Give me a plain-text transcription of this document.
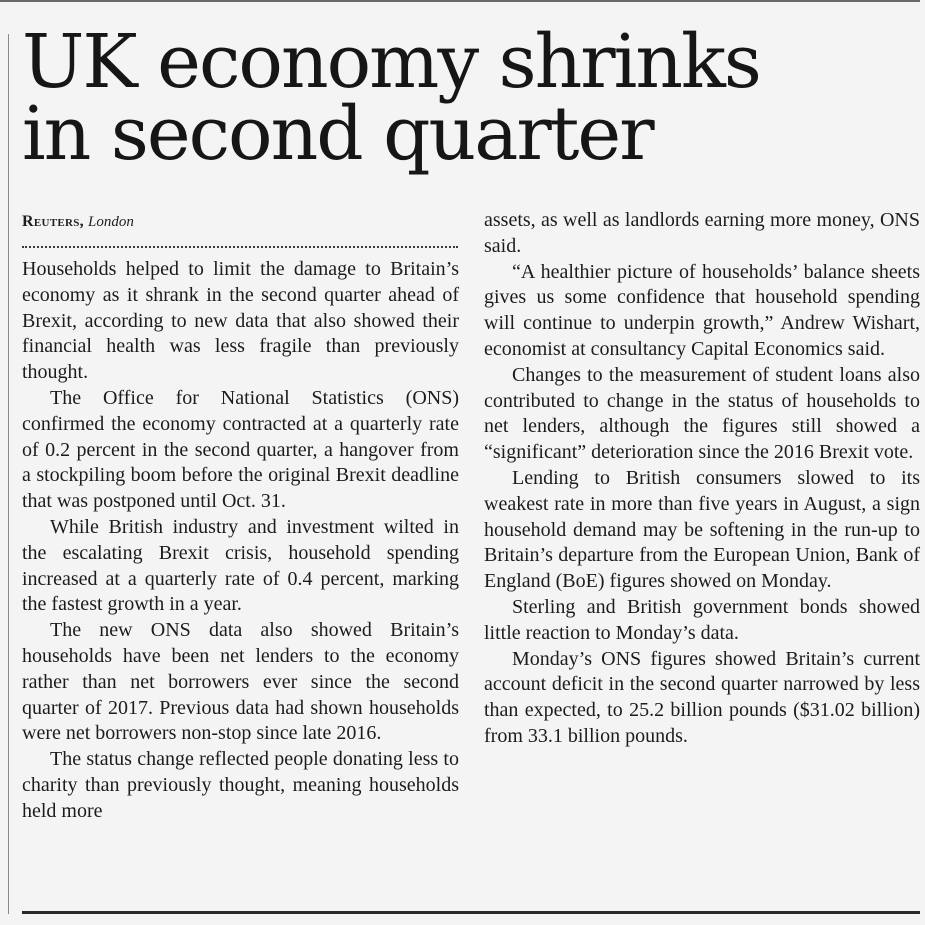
UK economy shrinks
in second quarter
Reuters, London

Households helped to limit the damage to Britain’s economy as it shrank in the second quarter ahead of Brexit, according to new data that also showed their financial health was less fragile than previously thought.

The Office for National Statistics (ONS) confirmed the economy contracted at a quarterly rate of 0.2 percent in the second quarter, a hangover from a stockpiling boom before the original Brexit deadline that was postponed until Oct. 31.

While British industry and investment wilted in the escalating Brexit crisis, household spending increased at a quarterly rate of 0.4 percent, marking the fastest growth in a year.

The new ONS data also showed Britain’s households have been net lenders to the economy rather than net borrowers ever since the second quarter of 2017. Previous data had shown households were net borrowers non-stop since late 2016.

The status change reflected people donating less to charity than previously thought, meaning households held more

assets, as well as landlords earning more money, ONS said.

“A healthier picture of households’ balance sheets gives us some confidence that household spending will continue to underpin growth,” Andrew Wishart, economist at consultancy Capital Economics said.

Changes to the measurement of student loans also contributed to change in the status of households to net lenders, although the figures still showed a “significant” deterioration since the 2016 Brexit vote.

Lending to British consumers slowed to its weakest rate in more than five years in August, a sign household demand may be softening in the run-up to Britain’s departure from the European Union, Bank of England (BoE) figures showed on Monday.

Sterling and British government bonds showed little reaction to Monday’s data.

Monday’s ONS figures showed Britain’s current account deficit in the second quarter narrowed by less than expected, to 25.2 billion pounds ($31.02 billion) from 33.1 billion pounds.
